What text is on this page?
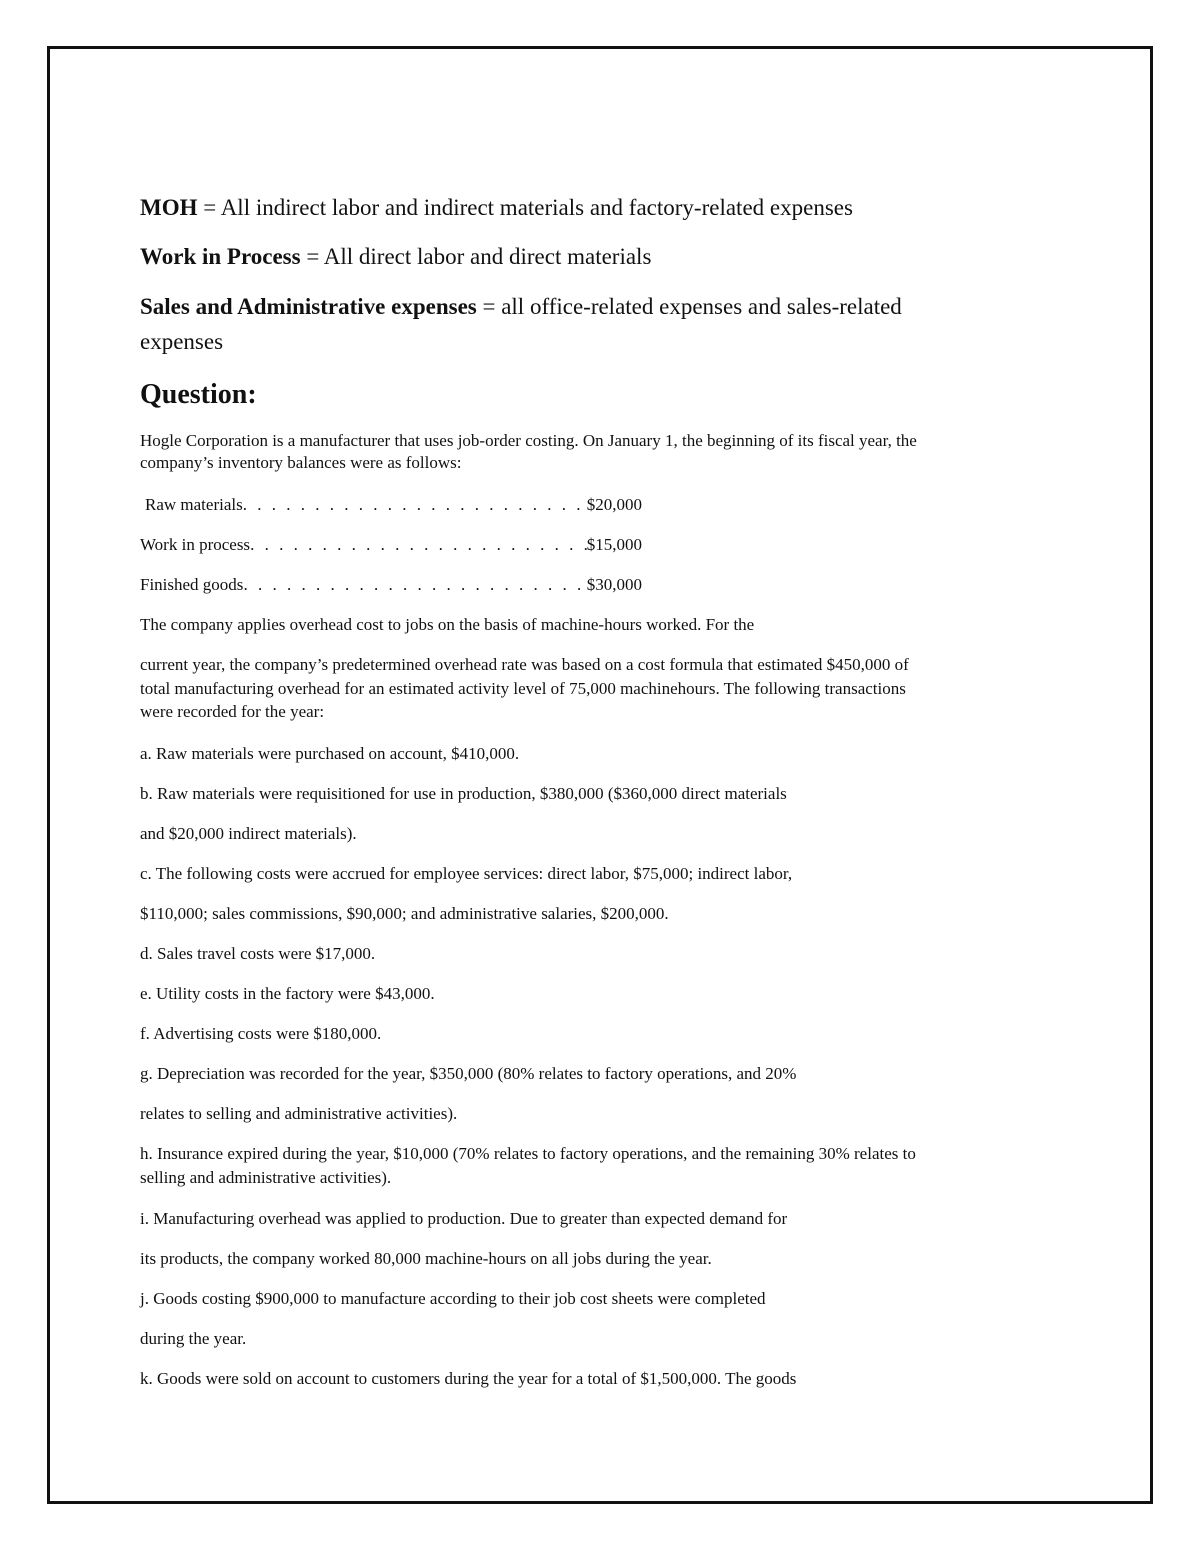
MOH = All indirect labor and indirect materials and factory-related expenses
Work in Process = All direct labor and direct materials
Sales and Administrative expenses = all office-related expenses and sales-related
expenses
Question:
Hogle Corporation is a manufacturer that uses job-order costing. On January 1, the beginning of its fiscal year, the
company’s inventory balances were as follows:
Raw materials . . .	$20,000
Work in process . . .	$15,000
Finished goods . . .	$30,000
The company applies overhead cost to jobs on the basis of machine-hours worked. For the
current year, the company’s predetermined overhead rate was based on a cost formula that estimated $450,000 of
total manufacturing overhead for an estimated activity level of 75,000 machinehours. The following transactions
were recorded for the year:
a. Raw materials were purchased on account, $410,000.
b. Raw materials were requisitioned for use in production, $380,000 ($360,000 direct materials
and $20,000 indirect materials).
c. The following costs were accrued for employee services: direct labor, $75,000; indirect labor,
$110,000; sales commissions, $90,000; and administrative salaries, $200,000.
d. Sales travel costs were $17,000.
e. Utility costs in the factory were $43,000.
f. Advertising costs were $180,000.
g. Depreciation was recorded for the year, $350,000 (80% relates to factory operations, and 20%
relates to selling and administrative activities).
h. Insurance expired during the year, $10,000 (70% relates to factory operations, and the remaining 30% relates to
selling and administrative activities).
i. Manufacturing overhead was applied to production. Due to greater than expected demand for
its products, the company worked 80,000 machine-hours on all jobs during the year.
j. Goods costing $900,000 to manufacture according to their job cost sheets were completed
during the year.
k. Goods were sold on account to customers during the year for a total of $1,500,000. The goods
